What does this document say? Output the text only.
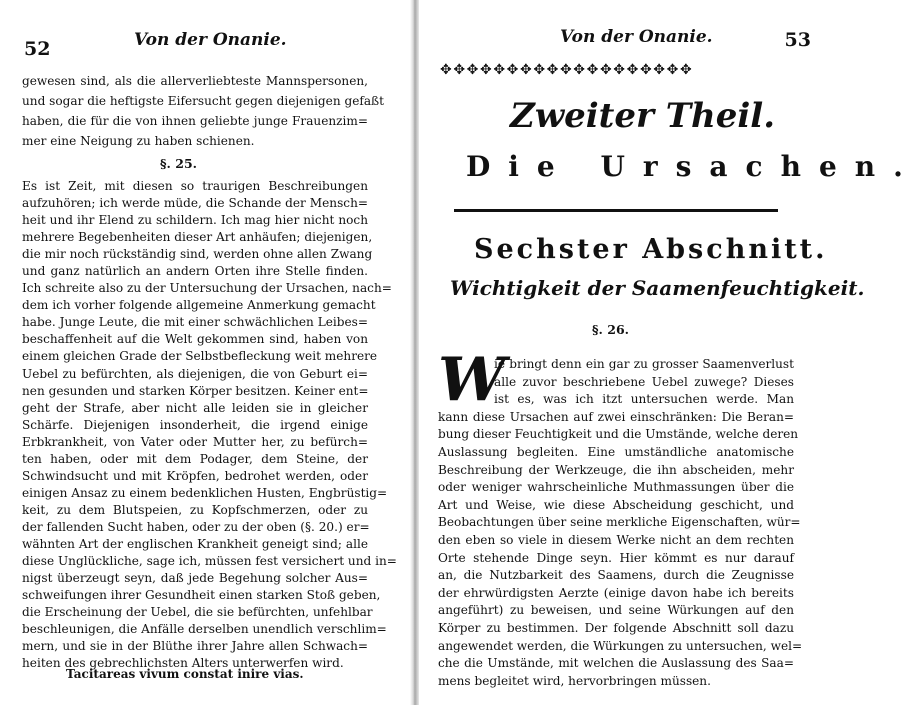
52	Von der Onanie.
gewesen sind, als die allerverliebteste Mannspersonen,
und sogar die heftigste Eifersucht gegen diejenigen gefaßt
haben, die für die von ihnen geliebte junge Frauenzim=
mer eine Neigung zu haben schienen.
§. 25.
Es ist Zeit, mit diesen so traurigen Beschreibungen
aufzuhören; ich werde müde, die Schande der Mensch=
heit und ihr Elend zu schildern. Ich mag hier nicht noch
mehrere Begebenheiten dieser Art anhäufen; diejenigen,
die mir noch rückständig sind, werden ohne allen Zwang
und ganz natürlich an andern Orten ihre Stelle finden.
Ich schreite also zu der Untersuchung der Ursachen, nach=
dem ich vorher folgende allgemeine Anmerkung gemacht
habe. Junge Leute, die mit einer schwächlichen Leibes=
beschaffenheit auf die Welt gekommen sind, haben von
einem gleichen Grade der Selbstbefleckung weit mehrere
Uebel zu befürchten, als diejenigen, die von Geburt ei=
nen gesunden und starken Körper besitzen. Keiner ent=
geht der Strafe, aber nicht alle leiden sie in gleicher
Schärfe. Diejenigen insonderheit, die irgend einige
Erbkrankheit, von Vater oder Mutter her, zu befürch=
ten haben, oder mit dem Podager, dem Steine, der
Schwindsucht und mit Kröpfen, bedrohet werden, oder
einigen Ansaz zu einem bedenklichen Husten, Engbrüstig=
keit, zu dem Blutspeien, zu Kopfschmerzen, oder zu
der fallenden Sucht haben, oder zu der oben (§. 20.) er=
wähnten Art der englischen Krankheit geneigt sind; alle
diese Unglückliche, sage ich, müssen fest versichert und in=
nigst überzeugt seyn, daß jede Begehung solcher Aus=
schweifungen ihrer Gesundheit einen starken Stoß geben,
die Erscheinung der Uebel, die sie befürchten, unfehlbar
beschleunigen, die Anfälle derselben unendlich verschlim=
mern, und sie in der Blüthe ihrer Jahre allen Schwach=
heiten des gebrechlichsten Alters unterwerfen wird.
Tacitareas vivum constat inire vias.
Von der Onanie.	53
✥✥✥✥✥✥✥✥✥✥✥✥✥✥✥✥✥✥✥
Zweiter Theil.
Die Ursachen.
Sechster Abschnitt.
Wichtigkeit der Saamenfeuchtigkeit.
§. 26.
W
ie bringt denn ein gar zu grosser Saamenverlust
alle zuvor beschriebene Uebel zuwege? Dieses
ist es, was ich itzt untersuchen werde. Man
kann diese Ursachen auf zwei einschränken: Die Beran=
bung dieser Feuchtigkeit und die Umstände, welche deren
Auslassung begleiten. Eine umständliche anatomische
Beschreibung der Werkzeuge, die ihn abscheiden, mehr
oder weniger wahrscheinliche Muthmassungen über die
Art und Weise, wie diese Abscheidung geschicht, und
Beobachtungen über seine merkliche Eigenschaften, wür=
den eben so viele in diesem Werke nicht an dem rechten
Orte stehende Dinge seyn. Hier kömmt es nur darauf
an, die Nutzbarkeit des Saamens, durch die Zeugnisse
der ehrwürdigsten Aerzte (einige davon habe ich bereits
angeführt) zu beweisen, und seine Würkungen auf den
Körper zu bestimmen. Der folgende Abschnitt soll dazu
angewendet werden, die Würkungen zu untersuchen, wel=
che die Umstände, mit welchen die Auslassung des Saa=
mens begleitet wird, hervorbringen müssen.
